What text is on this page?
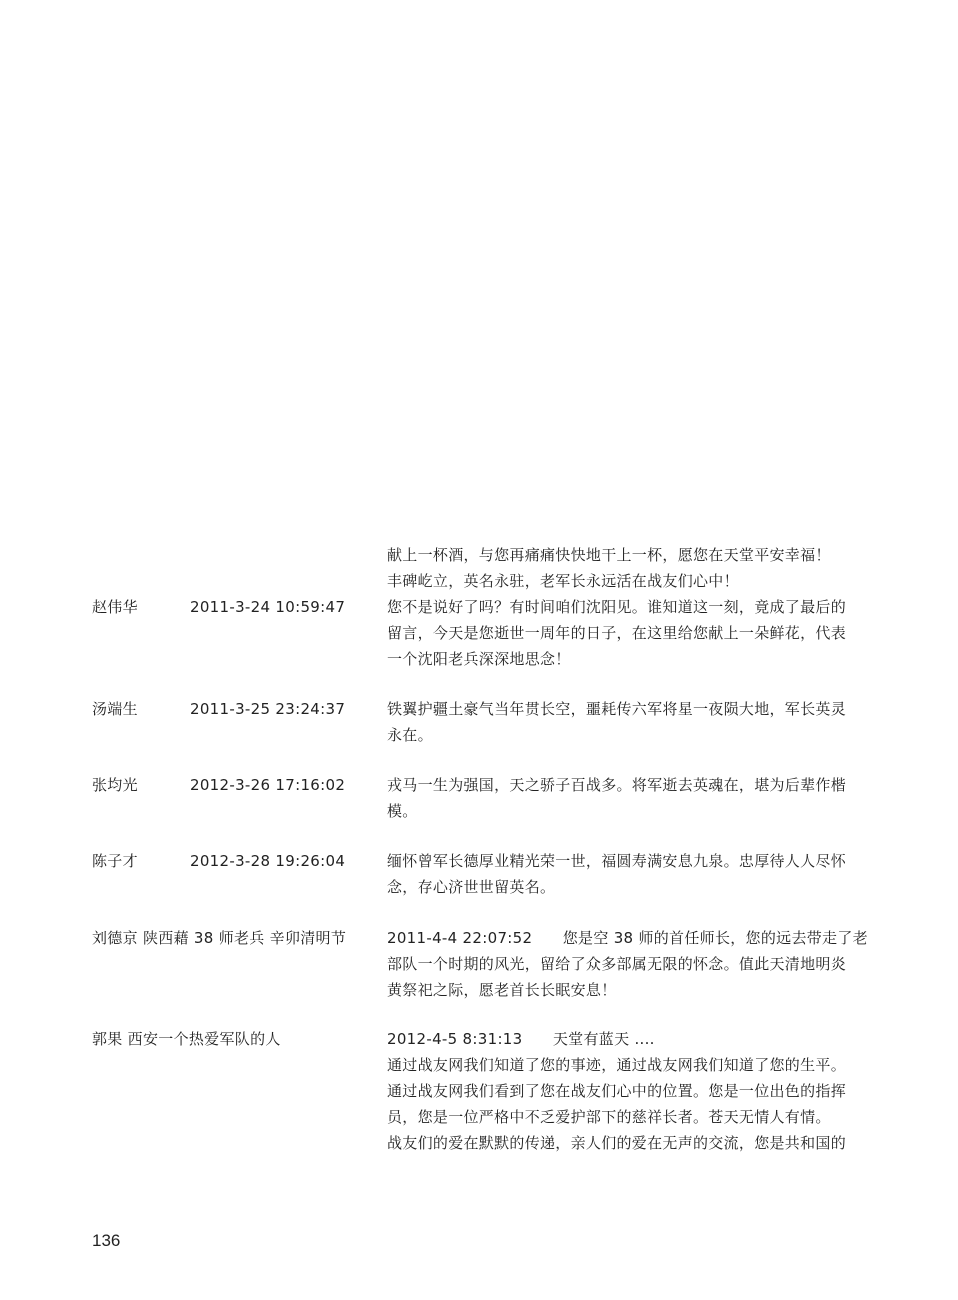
献上一杯酒，与您再痛痛快快地干上一杯，愿您在天堂平安幸福！
丰碑屹立，英名永驻，老军长永远活在战友们心中！
赵伟华	2011-3-24 10:59:47	您不是说好了吗？有时间咱们沈阳见。谁知道这一刻，竟成了最后的
留言，今天是您逝世一周年的日子，在这里给您献上一朵鲜花，代表
一个沈阳老兵深深地思念！
汤端生	2011-3-25 23:24:37	铁翼护疆土豪气当年贯长空，噩耗传六军将星一夜陨大地，军长英灵
永在。
张均光	2012-3-26 17:16:02	戎马一生为强国，天之骄子百战多。将军逝去英魂在，堪为后辈作楷
模。
陈子才	2012-3-28 19:26:04	缅怀曾军长德厚业精光荣一世，福圆寿满安息九泉。忠厚待人人尽怀
念，存心济世世留英名。
刘德京 陕西藉 38 师老兵 辛卯清明节	2011-4-4 22:07:52      您是空 38 师的首任师长，您的远去带走了老
部队一个时期的风光，留给了众多部属无限的怀念。值此天清地明炎
黄祭祀之际，愿老首长长眠安息！
郭果 西安一个热爱军队的人	2012-4-5 8:31:13      天堂有蓝天 ....
通过战友网我们知道了您的事迹，通过战友网我们知道了您的生平。
通过战友网我们看到了您在战友们心中的位置。您是一位出色的指挥
员，您是一位严格中不乏爱护部下的慈祥长者。苍天无情人有情。
战友们的爱在默默的传递，亲人们的爱在无声的交流，您是共和国的
136
